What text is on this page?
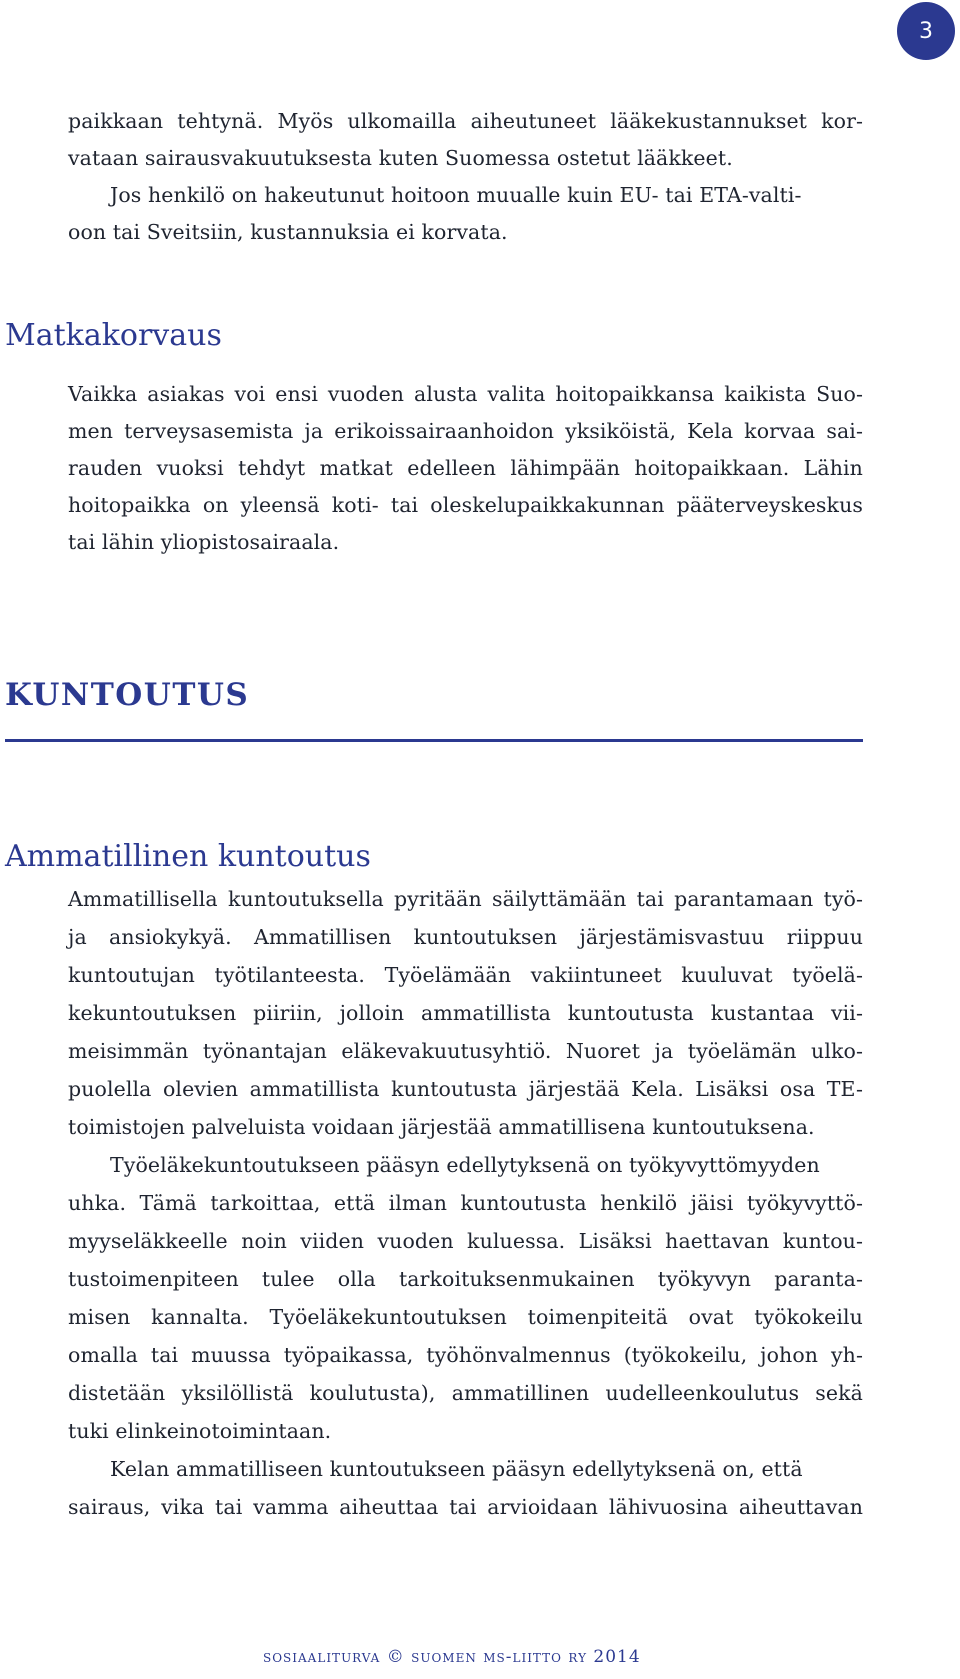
3

paikkaan tehtynä. Myös ulkomailla aiheutuneet lääkekustannukset kor-

vataan sairausvakuutuksesta kuten Suomessa ostetut lääkkeet.

Jos henkilö on hakeutunut hoitoon muualle kuin EU- tai ETA-valti-

oon tai Sveitsiin, kustannuksia ei korvata.

Matkakorvaus

Vaikka asiakas voi ensi vuoden alusta valita hoitopaikkansa kaikista Suo-

men terveysasemista ja erikoissairaanhoidon yksiköistä, Kela korvaa sai-

rauden vuoksi tehdyt matkat edelleen lähimpään hoitopaikkaan. Lähin

hoitopaikka on yleensä koti- tai oleskelupaikkakunnan pääterveyskeskus

tai lähin yliopistosairaala.

KUNTOUTUS
Ammatillinen kuntoutus

Ammatillisella kuntoutuksella pyritään säilyttämään tai parantamaan työ-

ja ansiokykyä. Ammatillisen kuntoutuksen järjestämisvastuu riippuu

kuntoutujan työtilanteesta. Työelämään vakiintuneet kuuluvat työelä-

kekuntoutuksen piiriin, jolloin ammatillista kuntoutusta kustantaa vii-

meisimmän työnantajan eläkevakuutusyhtiö. Nuoret ja työelämän ulko-

puolella olevien ammatillista kuntoutusta järjestää Kela. Lisäksi osa TE-

toimistojen palveluista voidaan järjestää ammatillisena kuntoutuksena.

Työeläkekuntoutukseen pääsyn edellytyksenä on työkyvyttömyyden

uhka. Tämä tarkoittaa, että ilman kuntoutusta henkilö jäisi työkyvyttö-

myyseläkkeelle noin viiden vuoden kuluessa. Lisäksi haettavan kuntou-

tustoimenpiteen tulee olla tarkoituksenmukainen työkyvyn paranta-

misen kannalta. Työeläkekuntoutuksen toimenpiteitä ovat työkokeilu

omalla tai muussa työpaikassa, työhönvalmennus (työkokeilu, johon yh-

distetään yksilöllistä koulutusta), ammatillinen uudelleenkoulutus sekä

tuki elinkeinotoimintaan.

Kelan ammatilliseen kuntoutukseen pääsyn edellytyksenä on, että

sairaus, vika tai vamma aiheuttaa tai arvioidaan lähivuosina aiheuttavan

sosiaaliturva © suomen ms-liitto ry 2014
